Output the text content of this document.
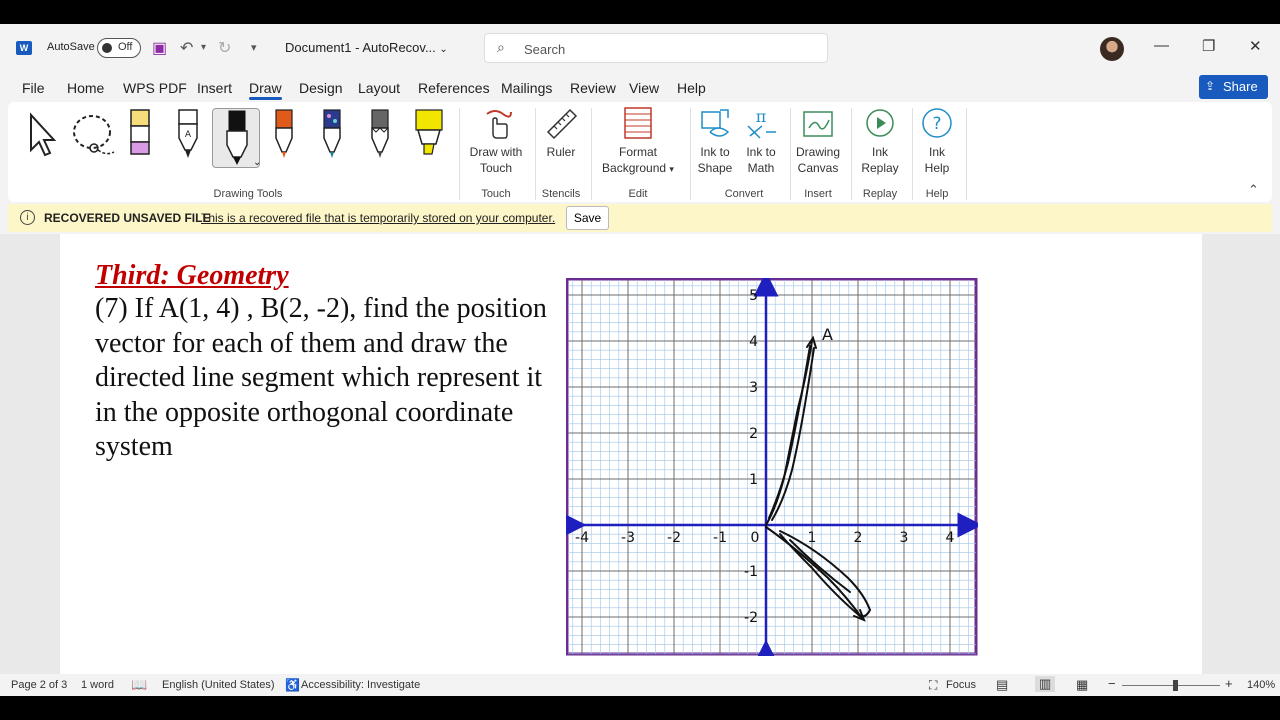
W	AutoSave Off ▣ ↶ ▾ ↻ ▾ Document1 - AutoRecov... ⌄	⌕ Search	— ❐ ✕
File Home WPS PDF Insert Draw Design Layout References Mailings Review View Help	⇪ Share
A
⌄
Drawing Tools
Draw with Touch
Touch
Ruler
Stencils
Format Background ▾
Edit
Ink to Shape
π
Ink to Math
Convert
Drawing Canvas
Insert
Ink Replay
Replay
?
Ink Help
Help	⌃
i	RECOVERED UNSAVED FILE
This is a recovered file that is temporarily stored on your computer.	Save
Third: Geometry
(7) If A(1, 4) , B(2, -2), find the position vector for each of them and draw the directed line segment which represent it in the opposite orthogonal coordinate system
-4 -3 -2 -1 0	1	2	3	4
5
4
3
2
1
-1
-2
A
Page 2 of 3 1 word 📖 English (United States) ♿ Accessibility: Investigate	⛶ Focus ▤	▥	▦ −	+ 140%
